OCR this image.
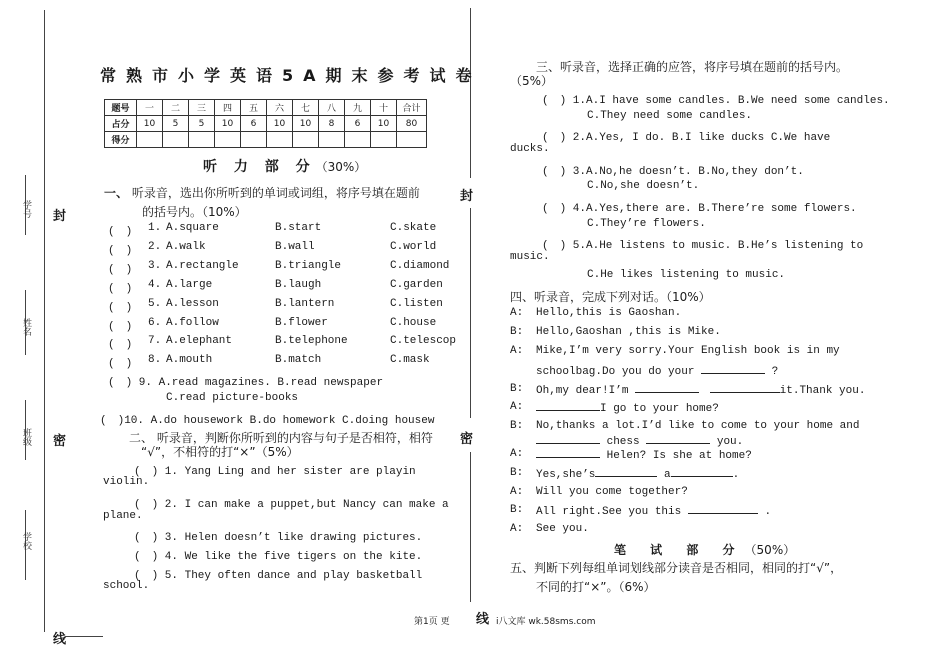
学号
姓名
班级
学校
封
密
线
封
密
线
常熟市小学英语5A期末参考试卷
题号	一	二	三	四	五	六	七	八	九	十	合计
占分	10	5	5	10	6	10	10	8	6	10	80
得分											
听 力 部 分（30%）
一、 听录音，选出你所听到的单词或词组，将序号填在题前
的括号内。（10%）
(　) 1. A.square	B.start	C.skate
(　) 2. A.walk	B.wall	C.world
(　) 3. A.rectangle	B.triangle	C.diamond
(　) 4. A.large	B.laugh	C.garden
(　) 5. A.lesson	B.lantern	C.listen
(　) 6. A.follow	B.flower	C.house
(　) 7. A.elephant	B.telephone	C.telescop
(　) 8. A.mouth	B.match	C.mask
(　) 9. A.read magazines. B.read newspaper
C.read picture-books
(　)10. A.do housework B.do homework C.doing housew
二、 听录音，判断你所听到的内容与句子是否相符，相符
“√”，不相符的打“×”（5%）
(　) 1. Yang Ling and her sister are playin
violin.
(　) 2. I can make a puppet,but Nancy can make a
plane.
(　) 3. Helen doesn’t like drawing pictures.
(　) 4. We like the five tigers on the kite.
(　) 5. They often dance and play basketball
school.
三、听录音，选择正确的应答，将序号填在题前的括号内。
（5%）
(　) 1.A.I have some candles. B.We need some candles.
C.They need some candles.
(　) 2.A.Yes, I do. B.I like ducks C.We have
ducks.
(　) 3.A.No,he doesn’t. B.No,they don’t.
C.No,she doesn’t.
(　) 4.A.Yes,there are. B.There’re some flowers.
C.They’re flowers.
(　) 5.A.He listens to music. B.He’s listening to
music.
C.He likes listening to music.
四、听录音，完成下列对话。（10%）
A: Hello,this is Gaoshan.
B: Hello,Gaoshan ,this is Mike.
A: Mike,I’m very sorry.Your English book is in my
schoolbag.Do you do your	?
B: Oh,my dear!I’m	it.Thank you.
A:	I go to your home?
B: No,thanks a lot.I’d like to come to your home and
chess	you.
A:	Helen? Is she at home?
B: Yes,she’s	a	.
A: Will you come together?
B: All right.See you this	.
A: See you.
笔 试 部 分（50%）
五、判断下列每组单词划线部分读音是否相同，相同的打“√”，
不同的打“×”。（6%）
第1页 更	i八文库 wk.58sms.com
